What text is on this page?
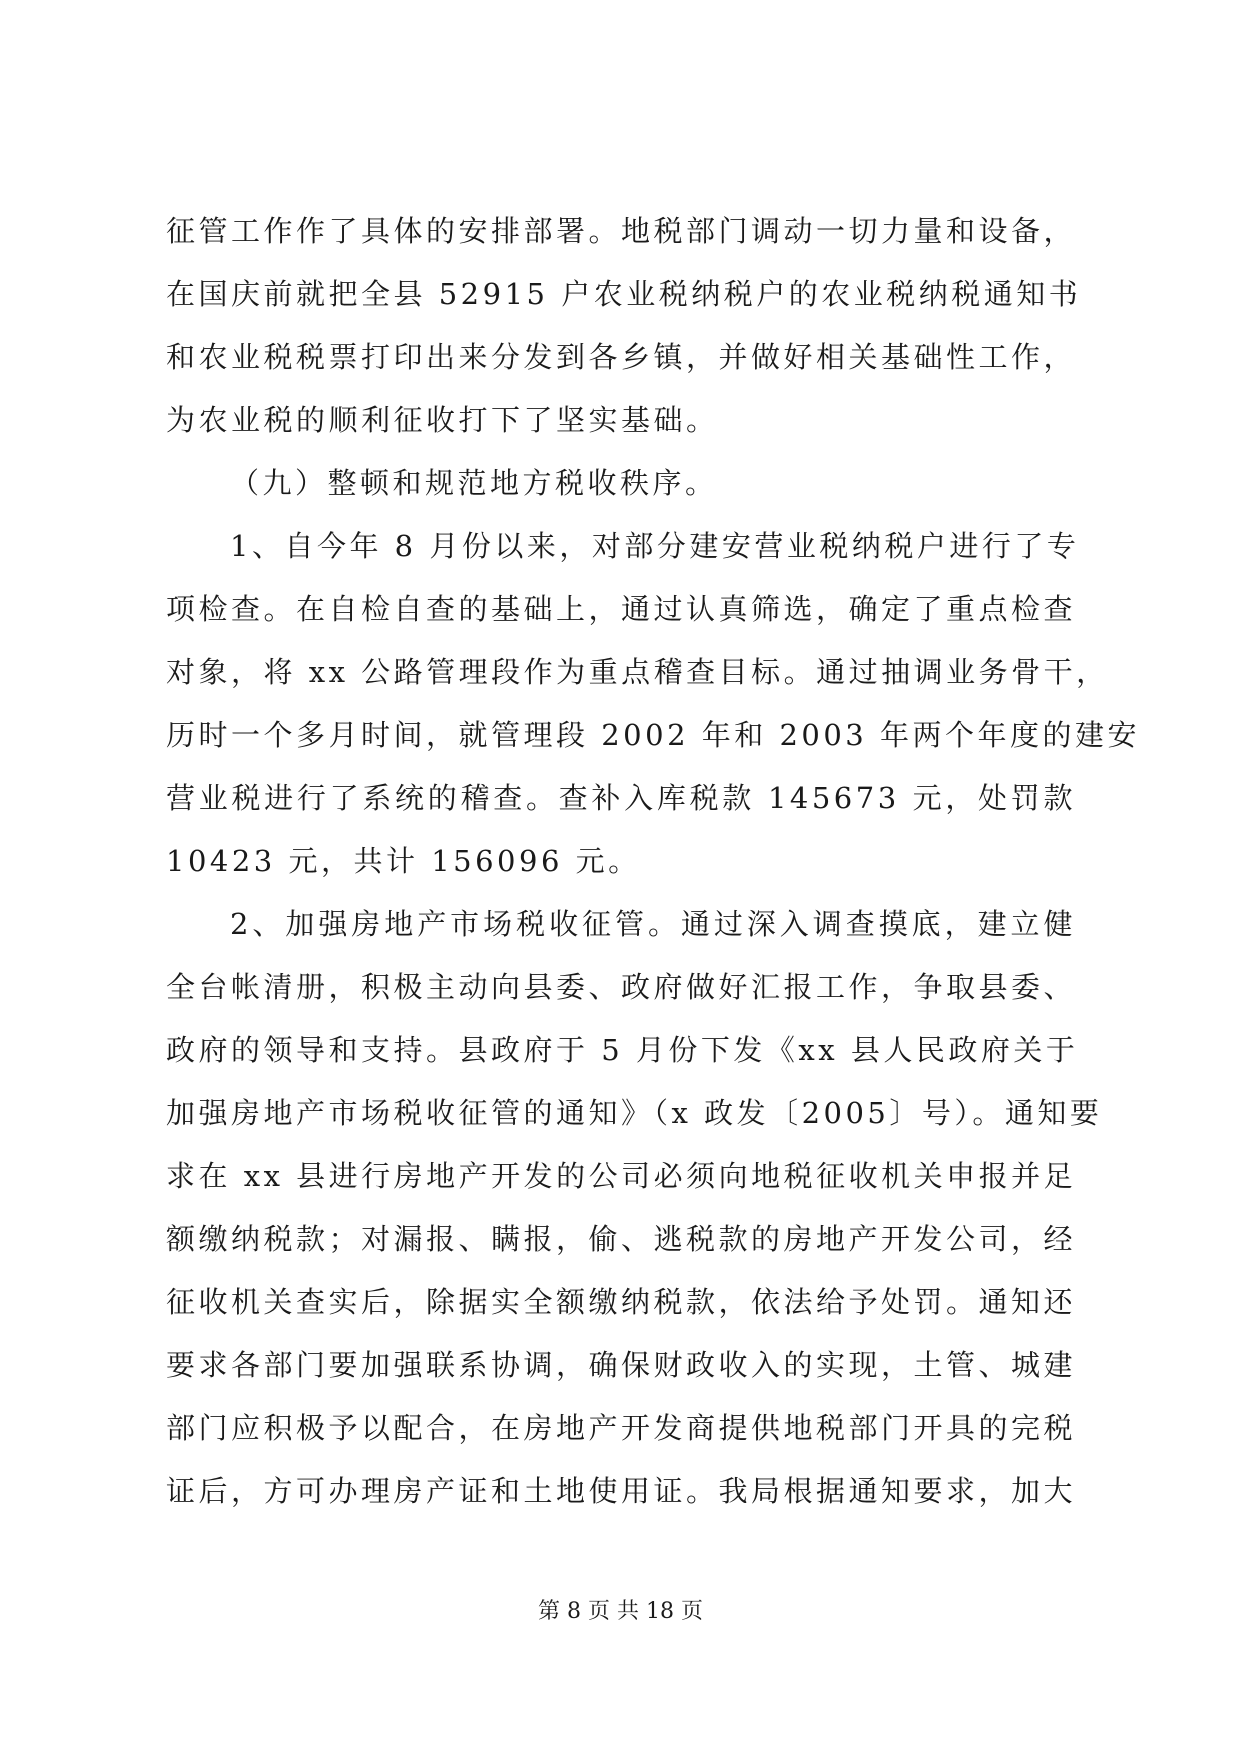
征管工作作了具体的安排部署。地税部门调动一切力量和设备，
在国庆前就把全县 52915 户农业税纳税户的农业税纳税通知书
和农业税税票打印出来分发到各乡镇，并做好相关基础性工作，
为农业税的顺利征收打下了坚实基础。
（九）整顿和规范地方税收秩序。
1、自今年 8 月份以来，对部分建安营业税纳税户进行了专
项检查。在自检自查的基础上，通过认真筛选，确定了重点检查
对象，将 xx 公路管理段作为重点稽查目标。通过抽调业务骨干，
历时一个多月时间，就管理段 2002 年和 2003 年两个年度的建安
营业税进行了系统的稽查。查补入库税款 145673 元，处罚款
10423 元，共计 156096 元。
2、加强房地产市场税收征管。通过深入调查摸底，建立健
全台帐清册，积极主动向县委、政府做好汇报工作，争取县委、
政府的领导和支持。县政府于 5 月份下发《xx 县人民政府关于
加强房地产市场税收征管的通知》（x 政发〔2005〕号）。通知要
求在 xx 县进行房地产开发的公司必须向地税征收机关申报并足
额缴纳税款；对漏报、瞒报，偷、逃税款的房地产开发公司，经
征收机关查实后，除据实全额缴纳税款，依法给予处罚。通知还
要求各部门要加强联系协调，确保财政收入的实现，土管、城建
部门应积极予以配合，在房地产开发商提供地税部门开具的完税
证后，方可办理房产证和土地使用证。我局根据通知要求，加大
第 8 页 共 18 页
